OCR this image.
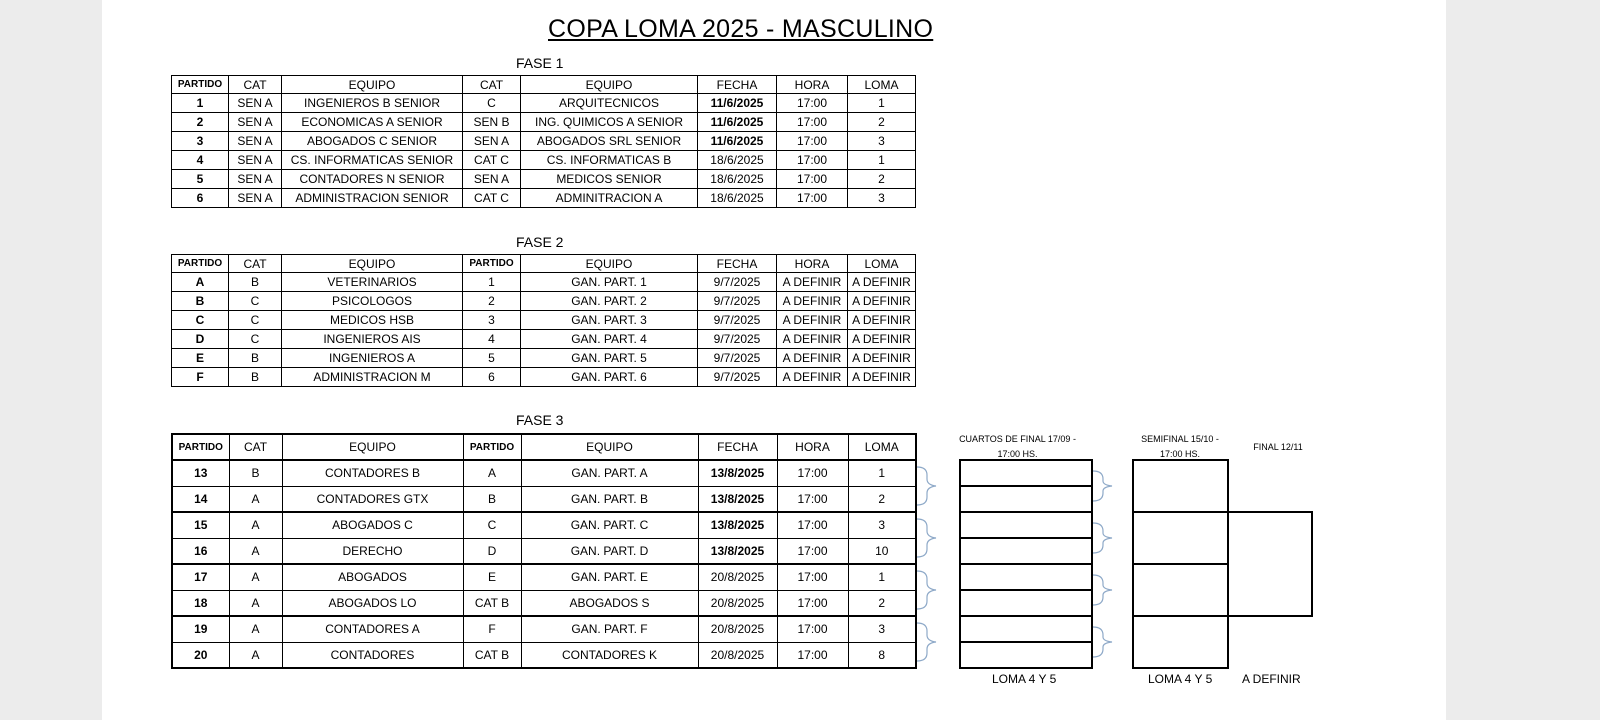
COPA LOMA 2025 - MASCULINO
FASE 1
PARTIDO	CAT	EQUIPO	CAT	EQUIPO	FECHA	HORA	LOMA
1	SEN A	INGENIEROS B SENIOR	C	ARQUITECNICOS	11/6/2025	17:00	1
2	SEN A	ECONOMICAS A SENIOR	SEN B	ING. QUIMICOS A SENIOR	11/6/2025	17:00	2
3	SEN A	ABOGADOS C SENIOR	SEN A	ABOGADOS SRL SENIOR	11/6/2025	17:00	3
4	SEN A	CS. INFORMATICAS SENIOR	CAT C	CS. INFORMATICAS B	18/6/2025	17:00	1
5	SEN A	CONTADORES N SENIOR	SEN A	MEDICOS SENIOR	18/6/2025	17:00	2
6	SEN A	ADMINISTRACION SENIOR	CAT C	ADMINITRACION A	18/6/2025	17:00	3
FASE 2
PARTIDO	CAT	EQUIPO	PARTIDO	EQUIPO	FECHA	HORA	LOMA
A	B	VETERINARIOS	1	GAN. PART. 1	9/7/2025	A DEFINIR	A DEFINIR
B	C	PSICOLOGOS	2	GAN. PART. 2	9/7/2025	A DEFINIR	A DEFINIR
C	C	MEDICOS HSB	3	GAN. PART. 3	9/7/2025	A DEFINIR	A DEFINIR
D	C	INGENIEROS AIS	4	GAN. PART. 4	9/7/2025	A DEFINIR	A DEFINIR
E	B	INGENIEROS A	5	GAN. PART. 5	9/7/2025	A DEFINIR	A DEFINIR
F	B	ADMINISTRACION M	6	GAN. PART. 6	9/7/2025	A DEFINIR	A DEFINIR
FASE 3
PARTIDO	CAT	EQUIPO	PARTIDO	EQUIPO	FECHA	HORA	LOMA
13	B	CONTADORES B	A	GAN. PART. A	13/8/2025	17:00	1
14	A	CONTADORES GTX	B	GAN. PART. B	13/8/2025	17:00	2
15	A	ABOGADOS C	C	GAN. PART. C	13/8/2025	17:00	3
16	A	DERECHO	D	GAN. PART. D	13/8/2025	17:00	10
17	A	ABOGADOS	E	GAN. PART. E	20/8/2025	17:00	1
18	A	ABOGADOS LO	CAT B	ABOGADOS S	20/8/2025	17:00	2
19	A	CONTADORES A	F	GAN. PART. F	20/8/2025	17:00	3
20	A	CONTADORES	CAT B	CONTADORES K	20/8/2025	17:00	8
CUARTOS DE FINAL 17/09 - 17:00 HS.
SEMIFINAL 15/10 - 17:00 HS.
FINAL 12/11
LOMA 4 Y 5	LOMA 4 Y 5 A DEFINIR
